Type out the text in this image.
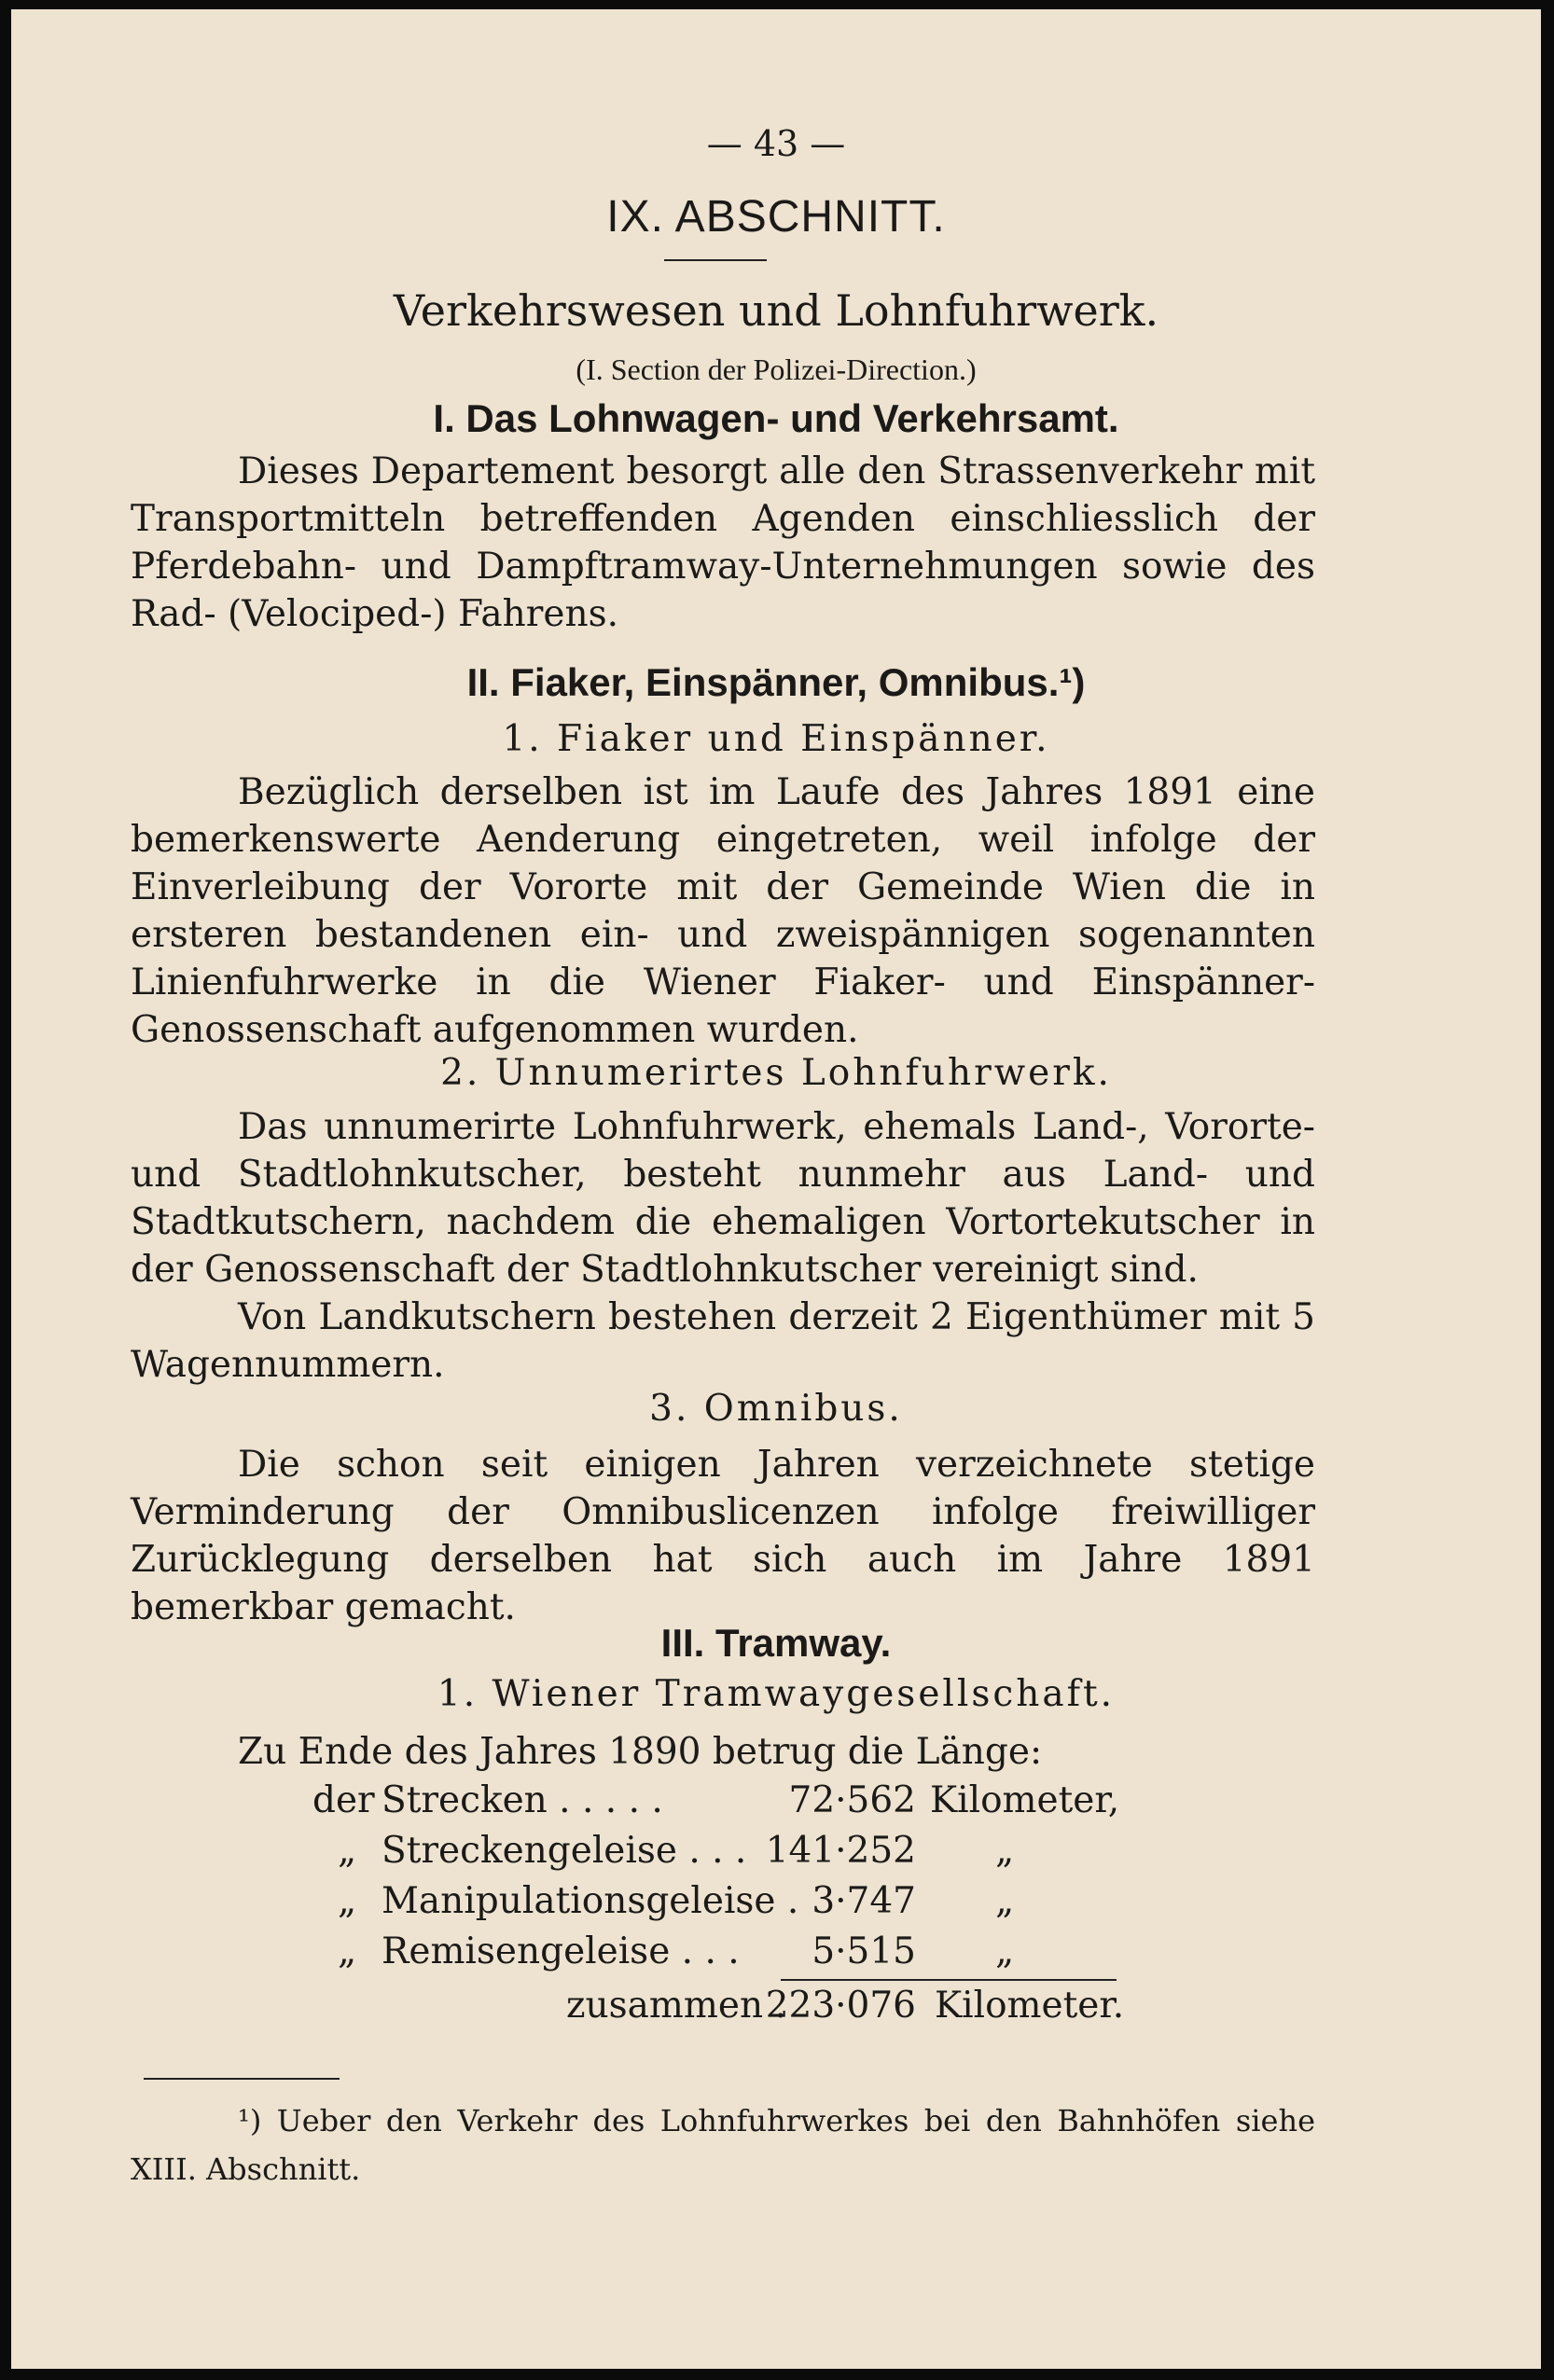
— 43 —
IX. ABSCHNITT.
Verkehrswesen und Lohnfuhrwerk.
(I. Section der Polizei-Direction.)
I. Das Lohnwagen- und Verkehrsamt.

Dieses Departement besorgt alle den Strassenverkehr mit Transportmitteln betreffenden Agenden einschliesslich der Pferdebahn- und Dampftramway-Unternehmungen sowie des Rad- (Velociped-) Fahrens.

II. Fiaker, Einspänner, Omnibus.¹)
1. Fiaker und Einspänner.

Bezüglich derselben ist im Laufe des Jahres 1891 eine bemerkenswerte Aenderung eingetreten, weil infolge der Einverleibung der Vororte mit der Gemeinde Wien die in ersteren bestandenen ein- und zweispännigen sogenannten Linienfuhrwerke in die Wiener Fiaker- und Einspänner-Genossenschaft aufgenommen wurden.

2. Unnumerirtes Lohnfuhrwerk.

Das unnumerirte Lohnfuhrwerk, ehemals Land-, Vororte- und Stadtlohnkutscher, besteht nunmehr aus Land- und Stadtkutschern, nachdem die ehemaligen Vortortekutscher in der Genossenschaft der Stadtlohnkutscher vereinigt sind.

Von Landkutschern bestehen derzeit 2 Eigenthümer mit 5 Wagennummern.

3. Omnibus.

Die schon seit einigen Jahren verzeichnete stetige Verminderung der Omnibuslicenzen infolge freiwilliger Zurücklegung derselben hat sich auch im Jahre 1891 bemerkbar gemacht.

III. Tramway.
1. Wiener Tramwaygesellschaft.

Zu Ende des Jahres 1890 betrug die Länge:

der Strecken . . . . .	72·562 Kilometer,
„ Streckengeleise . . . 141·252 „
„ Manipulationsgeleise . 3·747 „
„ Remisengeleise . . .	5·515 „
zusammen .
223·076 Kilometer.

¹) Ueber den Verkehr des Lohnfuhrwerkes bei den Bahnhöfen siehe XIII. Abschnitt.
